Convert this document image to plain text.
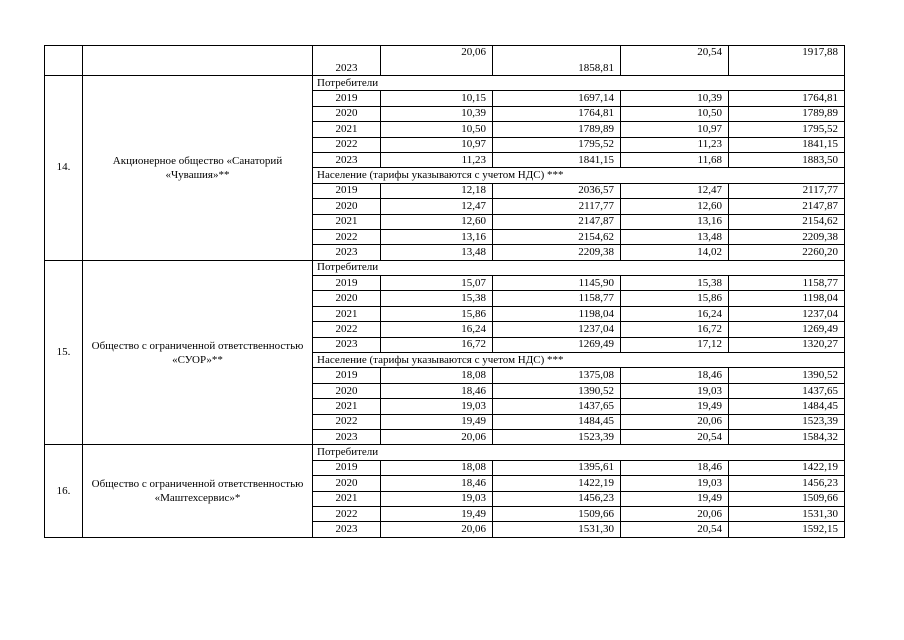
		2023	20,06	1858,81	20,54	1917,88
14.	Акционерное общество «Санаторий «Чувашия»**	Потребители				
		2019	10,15	1697,14	10,39	1764,81
		2020	10,39	1764,81	10,50	1789,89
		2021	10,50	1789,89	10,97	1795,52
		2022	10,97	1795,52	11,23	1841,15
		2023	11,23	1841,15	11,68	1883,50
		Население (тарифы указываются с учетом НДС) ***				
		2019	12,18	2036,57	12,47	2117,77
		2020	12,47	2117,77	12,60	2147,87
		2021	12,60	2147,87	13,16	2154,62
		2022	13,16	2154,62	13,48	2209,38
		2023	13,48	2209,38	14,02	2260,20
15.	Общество с ограниченной ответственностью «СУОР»**	Потребители				
		2019	15,07	1145,90	15,38	1158,77
		2020	15,38	1158,77	15,86	1198,04
		2021	15,86	1198,04	16,24	1237,04
		2022	16,24	1237,04	16,72	1269,49
		2023	16,72	1269,49	17,12	1320,27
		Население (тарифы указываются с учетом НДС) ***				
		2019	18,08	1375,08	18,46	1390,52
		2020	18,46	1390,52	19,03	1437,65
		2021	19,03	1437,65	19,49	1484,45
		2022	19,49	1484,45	20,06	1523,39
		2023	20,06	1523,39	20,54	1584,32
16.	Общество с ограниченной ответственностью «Маштехсервис»*	Потребители				
		2019	18,08	1395,61	18,46	1422,19
		2020	18,46	1422,19	19,03	1456,23
		2021	19,03	1456,23	19,49	1509,66
		2022	19,49	1509,66	20,06	1531,30
		2023	20,06	1531,30	20,54	1592,15
